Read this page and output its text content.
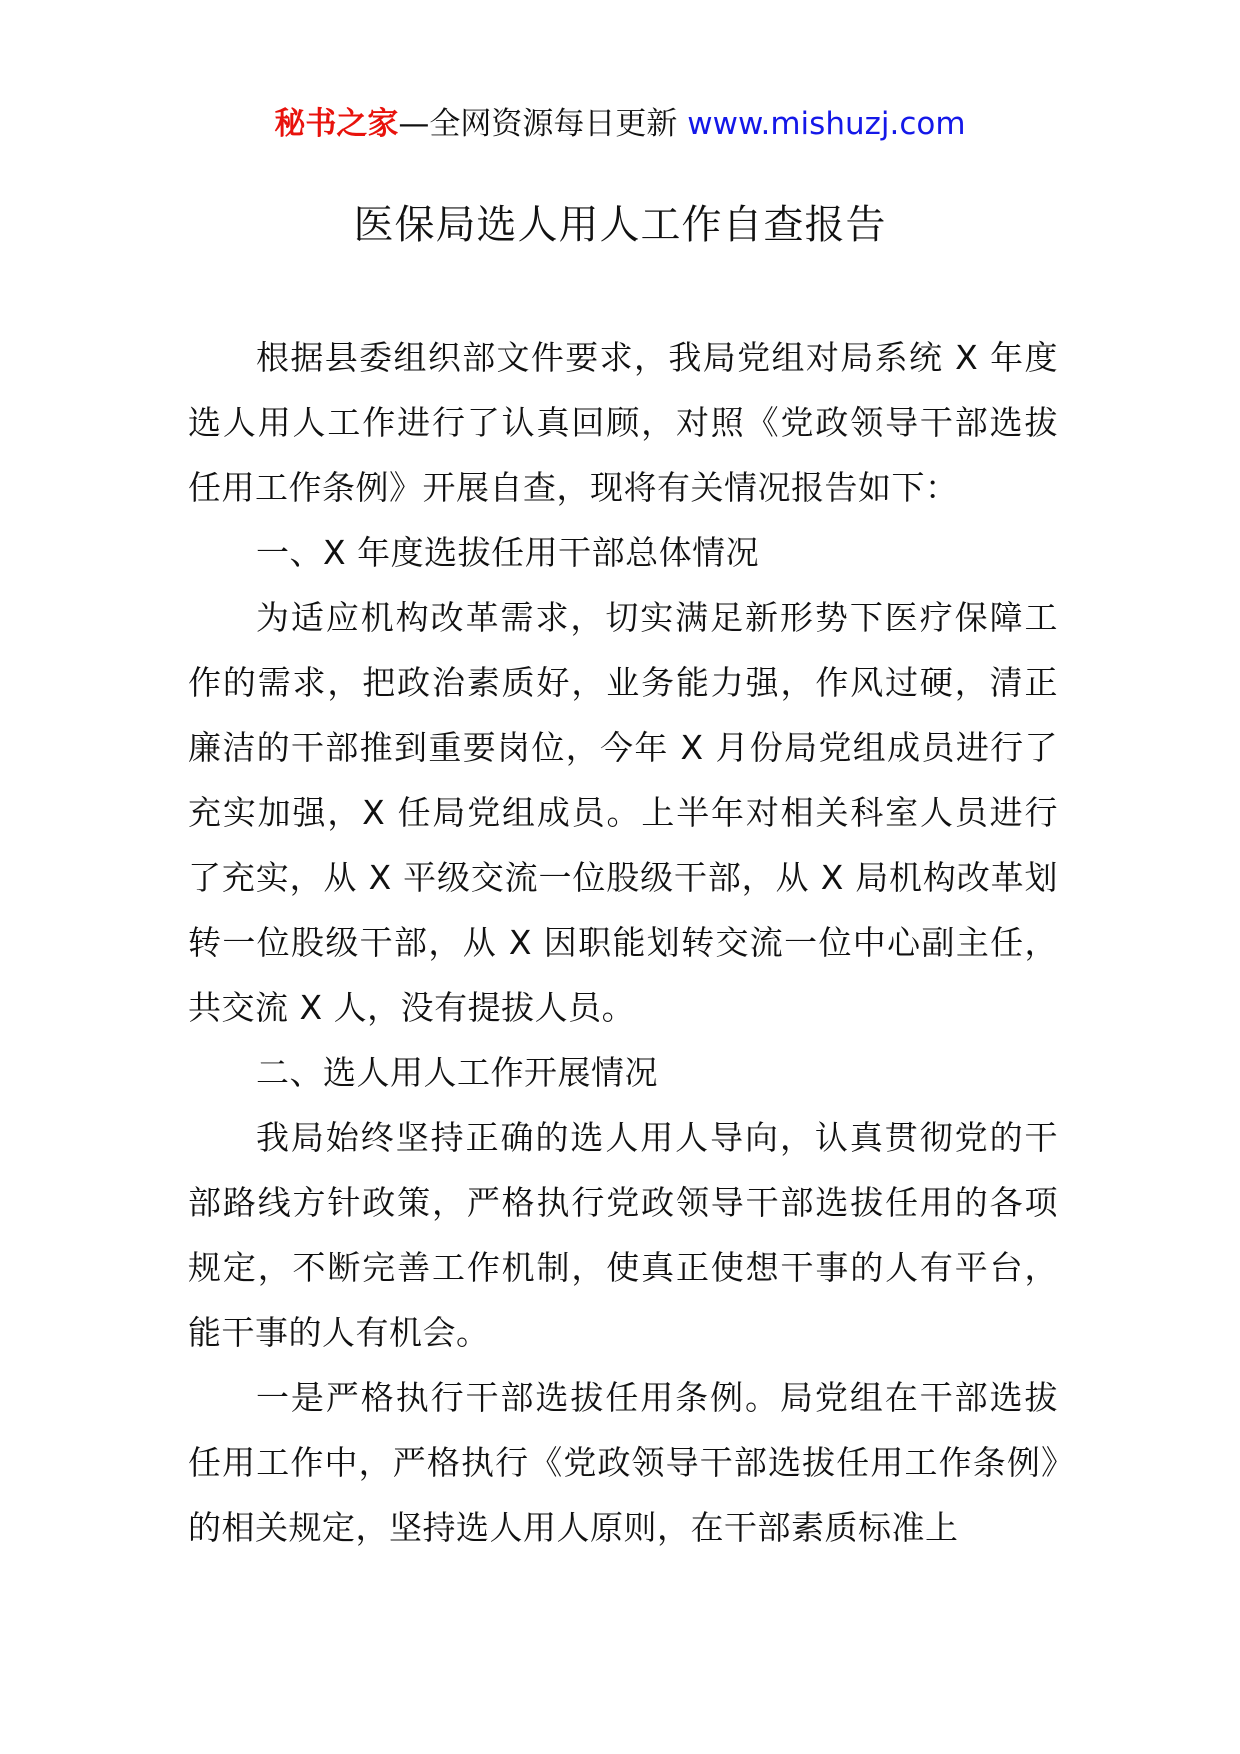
秘书之家—全网资源每日更新 www.mishuzj.com
医保局选人用人工作自查报告

根据县委组织部文件要求，我局党组对局系统 X 年度选人用人工作进行了认真回顾，对照《党政领导干部选拔任用工作条例》开展自查，现将有关情况报告如下：

一、X 年度选拔任用干部总体情况

为适应机构改革需求，切实满足新形势下医疗保障工作的需求，把政治素质好，业务能力强，作风过硬，清正廉洁的干部推到重要岗位，今年 X 月份局党组成员进行了充实加强，X 任局党组成员。上半年对相关科室人员进行了充实，从 X 平级交流一位股级干部，从 X 局机构改革划转一位股级干部，从 X 因职能划转交流一位中心副主任，共交流 X 人，没有提拔人员。

二、选人用人工作开展情况

我局始终坚持正确的选人用人导向，认真贯彻党的干部路线方针政策，严格执行党政领导干部选拔任用的各项规定，不断完善工作机制，使真正使想干事的人有平台，能干事的人有机会。

一是严格执行干部选拔任用条例。局党组在干部选拔任用工作中，严格执行《党政领导干部选拔任用工作条例》的相关规定，坚持选人用人原则，在干部素质标准上
